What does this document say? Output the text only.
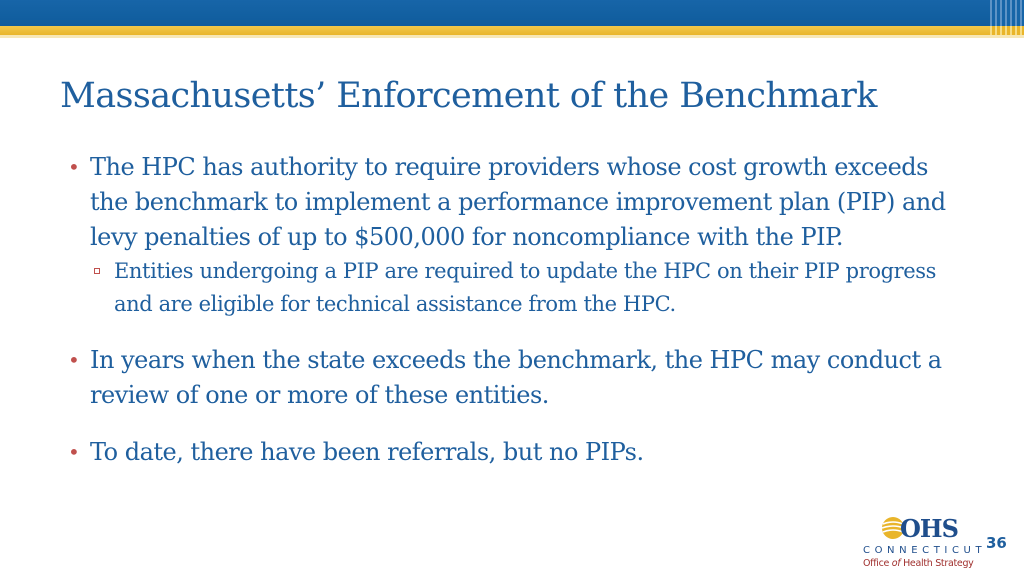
Massachusetts’ Enforcement of the Benchmark
• The HPC has authority to require providers whose cost growth exceeds the benchmark to implement a performance improvement plan (PIP) and levy penalties of up to $500,000 for noncompliance with the PIP.
Entities undergoing a PIP are required to update the HPC on their PIP progress and are eligible for technical assistance from the HPC.
• In years when the state exceeds the benchmark, the HPC may conduct a review of one or more of these entities.
• To date, there have been referrals, but no PIPs.
OHS
CONNECTICUT
Office of Health Strategy
36
